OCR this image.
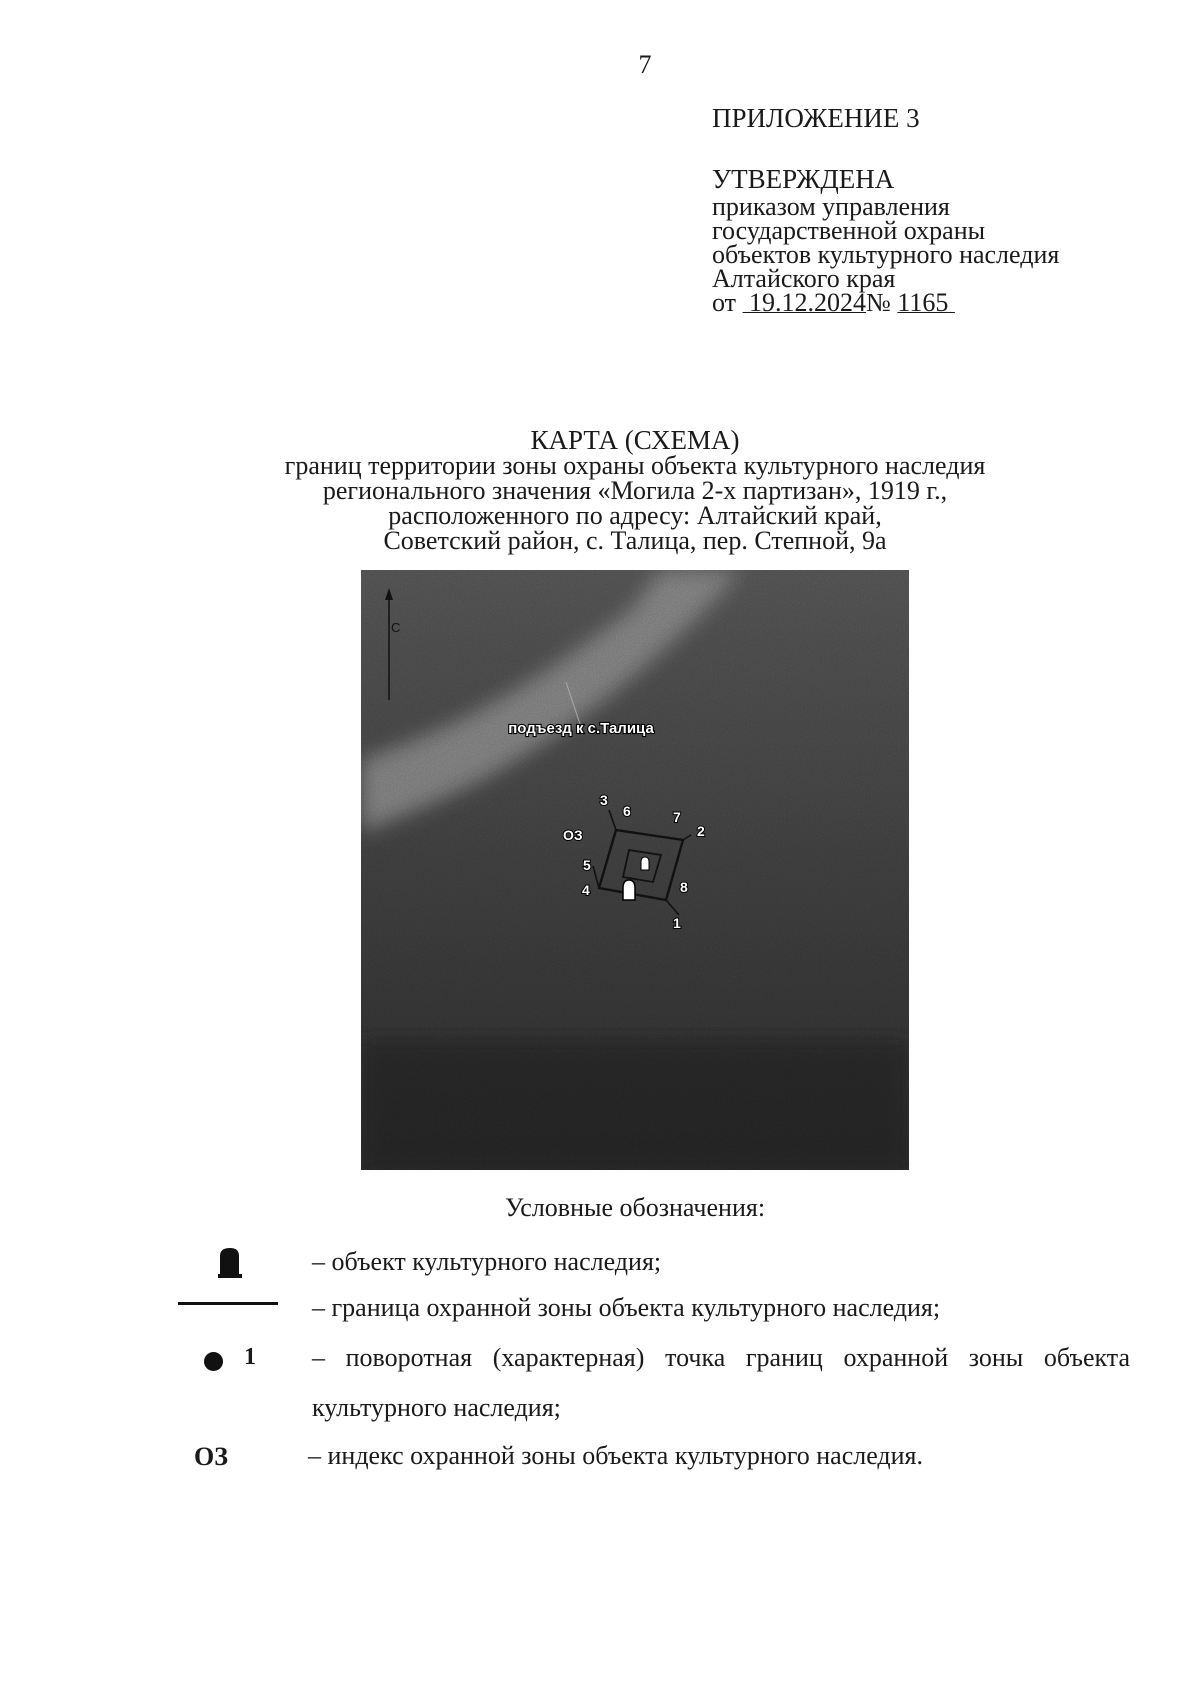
7
ПРИЛОЖЕНИЕ 3
УТВЕРЖДЕНА
приказом управления
государственной охраны
объектов культурного наследия
Алтайского края
от 19.12.2024№ 1165
КАРТА (СХЕМА)
границ территории зоны охраны объекта культурного наследия
регионального значения «Могила 2-х партизан», 1919 г.,
расположенного по адресу: Алтайский край,
Советский район, с. Талица, пер. Степной, 9а
С
подъезд к с.Талица
1
2
3
4
5
6	7
8
ОЗ
Условные обозначения:
– объект культурного наследия;
– граница охранной зоны объекта культурного наследия;
1 – поворотная (характерная) точка границ охранной зоны объекта
культурного наследия;
ОЗ	– индекс охранной зоны объекта культурного наследия.
